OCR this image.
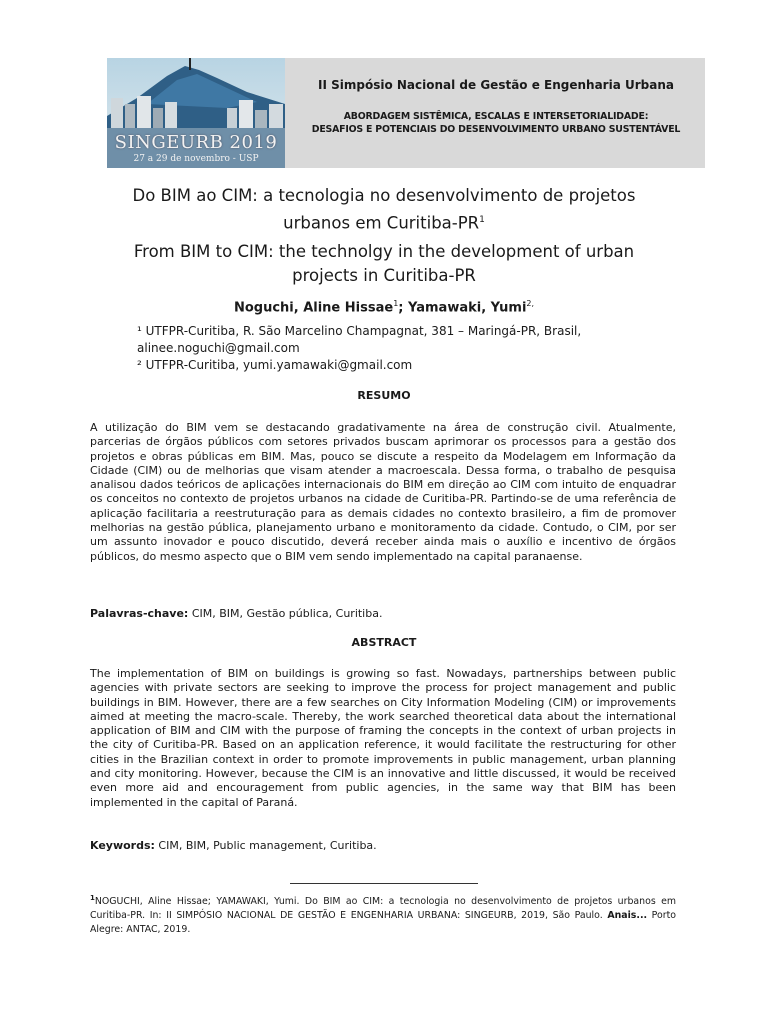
SINGEURB 2019
27 a 29 de novembro - USP
II Simpósio Nacional de Gestão e Engenharia Urbana
ABORDAGEM SISTÊMICA, ESCALAS E INTERSETORIALIDADE:
DESAFIOS E POTENCIAIS DO DESENVOLVIMENTO URBANO SUSTENTÁVEL
Do BIM ao CIM: a tecnologia no desenvolvimento de projetos urbanos em Curitiba-$PR^1$
From BIM to CIM: the technolgy in the development of urban projects in Curitiba-PR
Noguchi, Aline Hissae$^1$; Yamawaki, Yumi$^{2,}$
¹ UTFPR-Curitiba, R. São Marcelino Champagnat, 381 – Maringá-PR, Brasil, alinee.noguchi@gmail.com
² UTFPR-Curitiba, yumi.yamawaki@gmail.com
RESUMO
A utilização do BIM vem se destacando gradativamente na área de construção civil. Atualmente, parcerias de órgãos públicos com setores privados buscam aprimorar os processos para a gestão dos projetos e obras públicas em BIM. Mas, pouco se discute a respeito da Modelagem em Informação da Cidade (CIM) ou de melhorias que visam atender a macroescala. Dessa forma, o trabalho de pesquisa analisou dados teóricos de aplicações internacionais do BIM em direção ao CIM com intuito de enquadrar os conceitos no contexto de projetos urbanos na cidade de Curitiba-PR. Partindo-se de uma referência de aplicação facilitaria a reestruturação para as demais cidades no contexto brasileiro, a fim de promover melhorias na gestão pública, planejamento urbano e monitoramento da cidade. Contudo, o CIM, por ser um assunto inovador e pouco discutido, deverá receber ainda mais o auxílio e incentivo de órgãos públicos, do mesmo aspecto que o BIM vem sendo implementado na capital paranaense.
Palavras-chave: CIM, BIM, Gestão pública, Curitiba.
ABSTRACT
The implementation of BIM on buildings is growing so fast. Nowadays, partnerships between public agencies with private sectors are seeking to improve the process for project management and public buildings in BIM. However, there are a few searches on City Information Modeling (CIM) or improvements aimed at meeting the macro-scale. Thereby, the work searched theoretical data about the international application of BIM and CIM with the purpose of framing the concepts in the context of urban projects in the city of Curitiba-PR. Based on an application reference, it would facilitate the restructuring for other cities in the Brazilian context in order to promote improvements in public management, urban planning and city monitoring. However, because the CIM is an innovative and little discussed, it would be received even more aid and encouragement from public agencies, in the same way that BIM has been implemented in the capital of Paraná.
Keywords: CIM, BIM, Public management, Curitiba.
$^1$NOGUCHI, Aline Hissae; YAMAWAKI, Yumi. Do BIM ao CIM: a tecnologia no desenvolvimento de projetos urbanos em Curitiba-PR. In: II SIMPÓSIO NACIONAL DE GESTÃO E ENGENHARIA URBANA: SINGEURB, 2019, São Paulo. Anais... Porto Alegre: ANTAC, 2019.
